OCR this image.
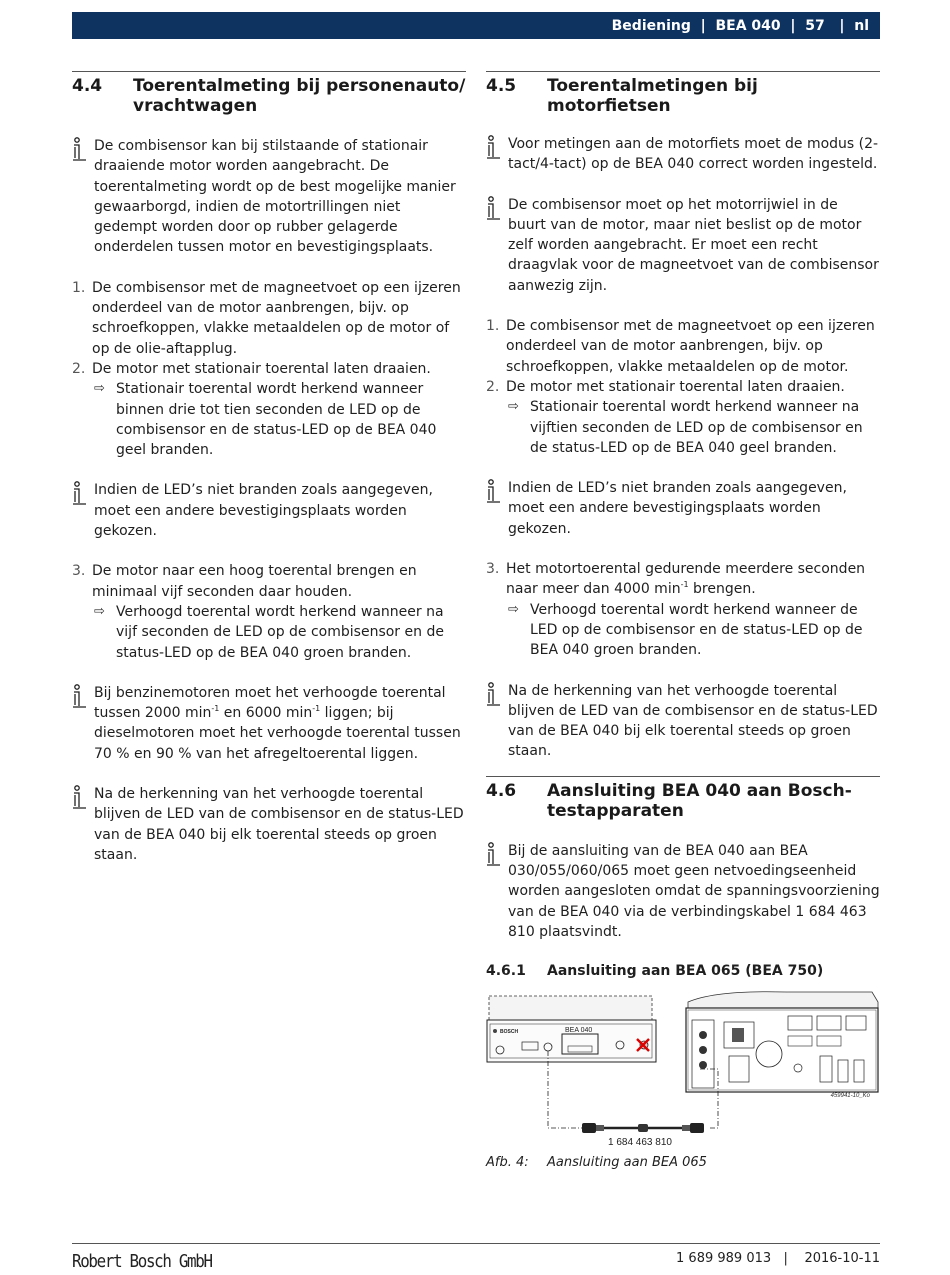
Bediening  |  BEA 040  |  57   |  nl
4.4	Toerentalmeting bij personenauto/ vrachtwagen
De combisensor kan bij stilstaande of stationair draaiende motor worden aangebracht. De toerentalmeting wordt op de best mogelijke manier gewaarborgd, indien de motortrillingen niet gedempt worden door op rubber gelagerde onderdelen tussen motor en bevestigingsplaats.
1. De combisensor met de magneetvoet op een ijzeren onderdeel van de motor aanbrengen, bijv. op schroefkoppen, vlakke metaaldelen op de motor of op de olie-aftapplug.
2. De motor met stationair toerental laten draaien.
⇨ Stationair toerental wordt herkend wanneer binnen drie tot tien seconden de LED op de combisensor en de status-LED op de BEA 040 geel branden.
Indien de LED’s niet branden zoals aangegeven, moet een andere bevestigingsplaats worden gekozen.
3. De motor naar een hoog toerental brengen en minimaal vijf seconden daar houden.
⇨ Verhoogd toerental wordt herkend wanneer na vijf seconden de LED op de combisensor en de status-LED op de BEA 040 groen branden.
Bij benzinemotoren moet het verhoogde toerental tussen 2000 $\min^{-1}$ en 6000 $\min^{-1}$ liggen; bij dieselmotoren moet het verhoogde toerental tussen 70 % en 90 % van het afregeltoerental liggen.
Na de herkenning van het verhoogde toerental blijven de LED van de combisensor en de status-LED van de BEA 040 bij elk toerental steeds op groen staan.
4.5	Toerentalmetingen bij motorfietsen
Voor metingen aan de motorfiets moet de modus (2-tact/4-tact) op de BEA 040 correct worden ingesteld.
De combisensor moet op het motorrijwiel in de buurt van de motor, maar niet beslist op de motor zelf worden aangebracht. Er moet een recht draagvlak voor de magneetvoet van de combisensor aanwezig zijn.
1. De combisensor met de magneetvoet op een ijzeren onderdeel van de motor aanbrengen, bijv. op schroefkoppen, vlakke metaaldelen op de motor.
2. De motor met stationair toerental laten draaien.
⇨ Stationair toerental wordt herkend wanneer na vijftien seconden de LED op de combisensor en de status-LED op de BEA 040 geel branden.
Indien de LED’s niet branden zoals aangegeven, moet een andere bevestigingsplaats worden gekozen.
3. Het motortoerental gedurende meerdere seconden naar meer dan 4000 $\min^{-1}$ brengen.
⇨ Verhoogd toerental wordt herkend wanneer de LED op de combisensor en de status-LED op de BEA 040 groen branden.
Na de herkenning van het verhoogde toerental blijven de LED van de combisensor en de status-LED van de BEA 040 bij elk toerental steeds op groen staan.
4.6	Aansluiting BEA 040 aan Bosch-testapparaten
Bij de aansluiting van de BEA 040 aan BEA 030/055/060/065 moet geen netvoedingseenheid worden aangesloten omdat de spanningsvoorziening van de BEA 040 via de verbindingskabel 1 684 463 810 plaatsvindt.
4.6.1	Aansluiting aan BEA 065 (BEA 750)
BOSCH	BEA 040
459941-10_Ko
1 684 463 810
Afb. 4:	Aansluiting aan BEA 065
Robert Bosch GmbH	1 689 989 013   |    2016-10-11
